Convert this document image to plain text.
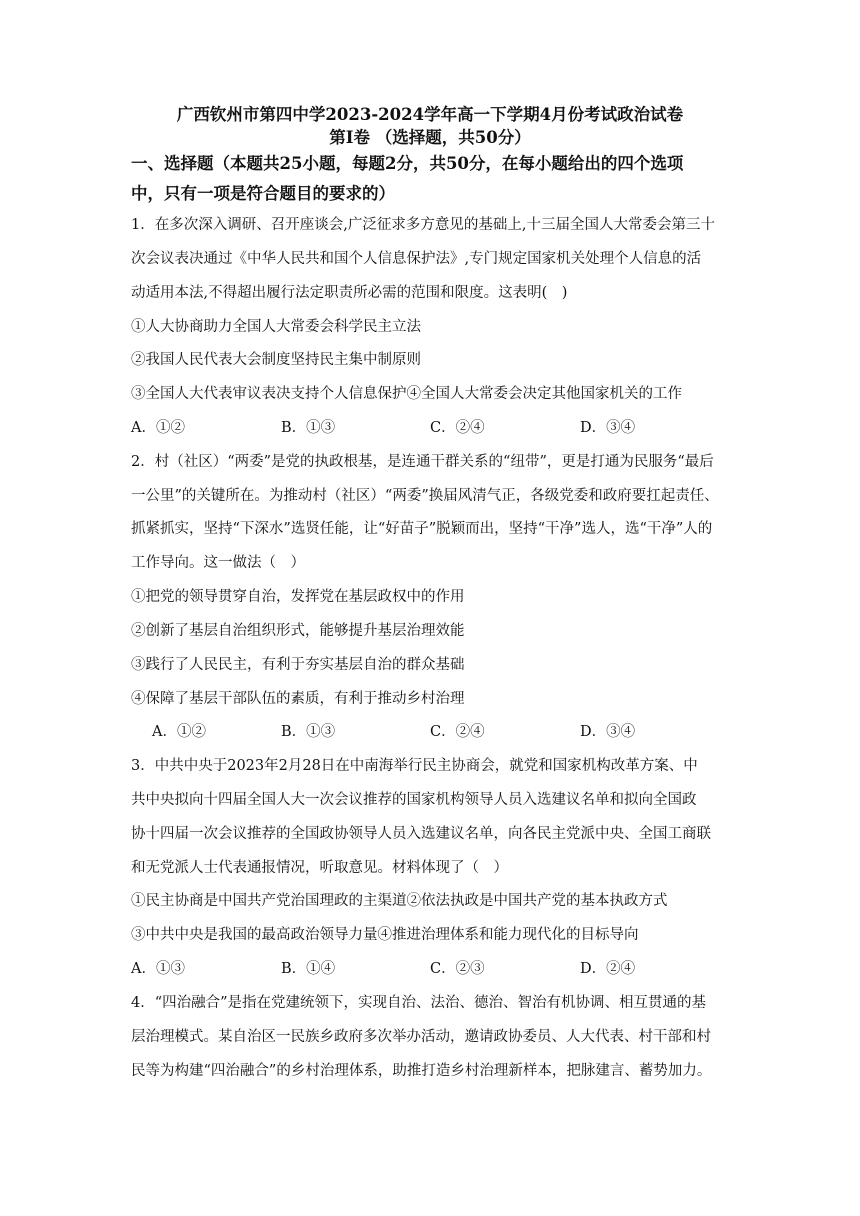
广西钦州市第四中学2023-2024学年高一下学期4月份考试政治试卷
第I卷 （选择题，共50分）
一、选择题（本题共25小题，每题2分，共50分，在每小题给出的四个选项
中，只有一项是符合题目的要求的）
1．在多次深入调研、召开座谈会,广泛征求多方意见的基础上,十三届全国人大常委会第三十
次会议表决通过《中华人民共和国个人信息保护法》,专门规定国家机关处理个人信息的活
动适用本法,不得超出履行法定职责所必需的范围和限度。这表明(　)
①人大协商助力全国人大常委会科学民主立法
②我国人民代表大会制度坚持民主集中制原则
③全国人大代表审议表决支持个人信息保护④全国人大常委会决定其他国家机关的工作
A．①②	B．①③	C．②④	D．③④
2．村（社区）“两委”是党的执政根基，是连通干群关系的“纽带”，更是打通为民服务“最后
一公里”的关键所在。为推动村（社区）“两委”换届风清气正，各级党委和政府要扛起责任、
抓紧抓实，坚持“下深水”选贤任能，让“好苗子”脱颖而出，坚持“干净”选人，选“干净”人的
工作导向。这一做法（　）
①把党的领导贯穿自治，发挥党在基层政权中的作用
②创新了基层自治组织形式，能够提升基层治理效能
③践行了人民民主，有利于夯实基层自治的群众基础
④保障了基层干部队伍的素质，有利于推动乡村治理
A．①②	B．①③	C．②④	D．③④
3．中共中央于2023年2月28日在中南海举行民主协商会，就党和国家机构改革方案、中
共中央拟向十四届全国人大一次会议推荐的国家机构领导人员入选建议名单和拟向全国政
协十四届一次会议推荐的全国政协领导人员入选建议名单，向各民主党派中央、全国工商联
和无党派人士代表通报情况，听取意见。材料体现了（　）
①民主协商是中国共产党治国理政的主渠道②依法执政是中国共产党的基本执政方式
③中共中央是我国的最高政治领导力量④推进治理体系和能力现代化的目标导向
A．①③	B．①④	C．②③	D．②④
4．“四治融合”是指在党建统领下，实现自治、法治、德治、智治有机协调、相互贯通的基
层治理模式。某自治区一民族乡政府多次举办活动，邀请政协委员、人大代表、村干部和村
民等为构建“四治融合”的乡村治理体系，助推打造乡村治理新样本，把脉建言、蓄势加力。
